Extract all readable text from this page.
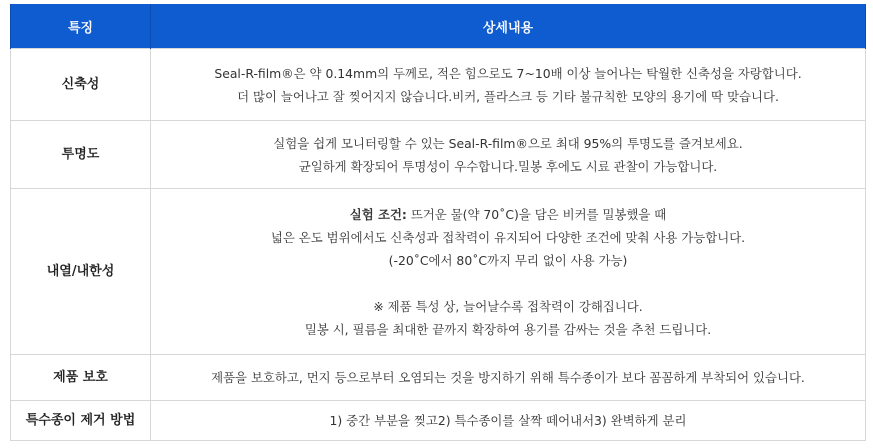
특징	상세내용
신축성	Seal-R-film®은 약 0.14mm의 두께로, 적은 힘으로도 7~10배 이상 늘어나는 탁월한 신축성을 자랑합니다.
더 많이 늘어나고 잘 찢어지지 않습니다.비커, 플라스크 등 기타 불규칙한 모양의 용기에 딱 맞습니다.

투명도	실험을 쉽게 모니터링할 수 있는 Seal-R-film®으로 최대 95%의 투명도를 즐겨보세요.
균일하게 확장되어 투명성이 우수합니다.밀봉 후에도 시료 관찰이 가능합니다.

내열/내한성	실험 조건: 뜨거운 물(약 70˚C)을 담은 비커를 밀봉했을 때
넓은 온도 범위에서도 신축성과 접착력이 유지되어 다양한 조건에 맞춰 사용 가능합니다.
(-20˚C에서 80˚C까지 무리 없이 사용 가능)
※ 제품 특성 상, 늘어날수록 접착력이 강해집니다.
밀봉 시, 필름을 최대한 끝까지 확장하여 용기를 감싸는 것을 추천 드립니다.

제품 보호	제품을 보호하고, 먼지 등으로부터 오염되는 것을 방지하기 위해 특수종이가 보다 꼼꼼하게 부착되어 있습니다.

특수종이 제거 방법	1) 중간 부분을 찢고2) 특수종이를 살짝 떼어내서3) 완벽하게 분리
